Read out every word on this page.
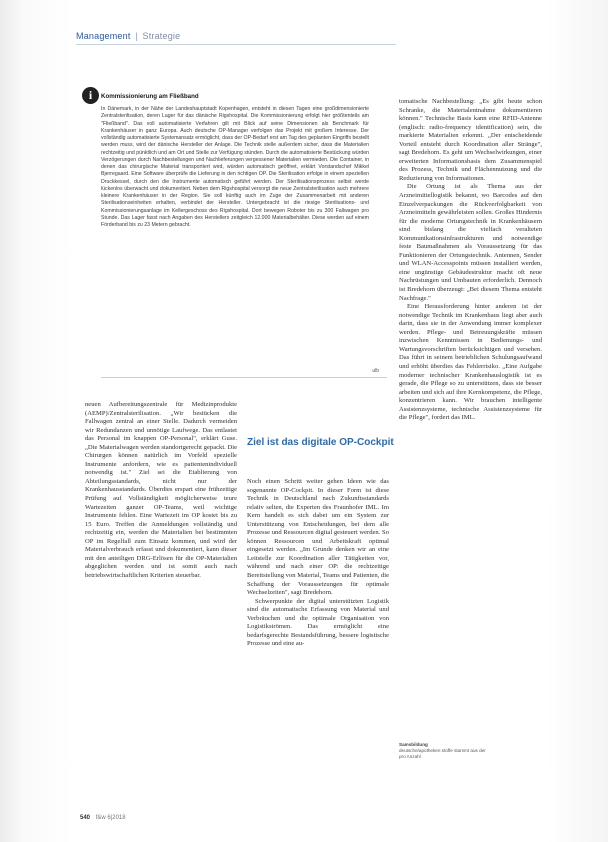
Management | Strategie
i	Kommissionierung am Fließband

In Dänemark, in der Nähe der Landeshauptstadt Kopenhagen, entsteht in diesen Tagen eine großdimensionierte Zentralsterilisation, deren Lager für das dänische Rigshospital. Die Kommissionierung erfolgt hier größtenteils am "Fließband". Das voll automatisierte Verfahren gilt mit Blick auf seine Dimensionen als Benchmark für Krankenhäuser in ganz Europa. Auch deutsche OP-Manager verfolgen das Projekt mit großem Interesse. Der vollständig automatisierte Systemansatz ermöglicht, dass der OP-Bedarf erst am Tag des geplanten Eingriffs bestellt werden muss, wird der dänische Hersteller der Anlage. Die Technik stelle außerdem sicher, dass die Materialien rechtzeitig und pünktlich und am Ort und Stelle zur Verfügung stünden. Durch die automatisierte Bestückung würden Verzögerungen durch Nachbestellungen und Nachlieferungen vergessener Materialien vermieden. Die Container, in denen das chirurgische Material transportiert wird, würden automatisch geöffnet, erklärt Vorstandschef Mikkel Bjerregaard. Eine Software überprüfe die Lieferung in den richtigen OP. Die Sterilisation erfolge in einem speziellen Druckkessel, durch den die Instrumente automatisch geführt werden. Der Sterilisationsprozess selbst werde lückenlos überwacht und dokumentiert. Neben dem Rigshospital versorgt die neue Zentralsterilisation auch mehrere kleinere Krankenhäuser in der Region. Sie soll künftig auch im Zuge der Zusammenarbeit mit anderen Sterilisationseinheiten erhalten, verbindet der Hersteller. Untergebracht ist die riesige Sterilisations- und Kommissionierungsanlage im Kellergeschoss des Rigshospital. Dort bewegen Roboter bis zu 300 Fallwagen pro Stunde. Das Lager fasst nach Angaben des Herstellers zeitgleich 12.000 Materialbehälter. Diese werden auf einem Förderband bis zu 23 Metern gebracht.

ulb

neuen Aufbereitungszentrale für Medizinprodukte (AEMP)/Zentralsterilisation. „Wir bestücken die Fallwagen zentral an einer Stelle. Dadurch vermeiden wir Redundanzen und unnötige Laufwege. Das entlastet das Personal im knappen OP-Personal", erklärt Guse. „Die Materialwagen werden standortgerecht gepackt. Die Chirurgen können natürlich im Vorfeld spezielle Instrumente anfordern, wie es patientenindividuell notwendig ist." Ziel sei die Etablierung von Abteilungsstandards, nicht nur der Krankenhausstandards. Überdies erspart eine frühzeitige Prüfung auf Vollständigkeit möglicherweise teure Wartezeiten ganzer OP-Teams, weil wichtige Instrumente fehlen. Eine Wartezeit im OP kostet bis zu 15 Euro. Treffen die Anmeldungen vollständig und rechtzeitig ein, werden die Materialien bei bestimmten OP im Regelfall zum Einsatz kommen, und wird der Materialverbrauch erfasst und dokumentiert, kann dieser mit den anteiligen DRG-Erlösen für die OP-Materialien abgeglichen werden und ist somit auch nach betriebswirtschaftlichen Kriterien steuerbar.

Ziel ist das digitale OP-Cockpit

Noch einen Schritt weiter gehen Ideen wie das sogenannte OP-Cockpit. In dieser Form ist diese Technik in Deutschland nach Zukunftsstandards relativ selten, die Experten des Fraunhofer IML. Im Kern handelt es sich dabei um ein System zur Unterstützung von Entscheidungen, bei dem alle Prozesse und Ressourcen digital gesteuert werden. So können Ressourcen und Arbeitskraft optimal eingesetzt werden. „Im Grunde denken wir an eine Leitstelle zur Koordination aller Tätigkeiten vor, während und nach einer OP: die rechtzeitige Bereitstellung von Material, Teams und Patienten, die Schaffung der Voraussetzungen für optimale Wechselzeiten", sagt Bredehorn.

Schwerpunkte der digital unterstützten Logistik sind die automatische Erfassung von Material und Verbräuchen und die optimale Organisation von Logistikströmen. Das ermöglicht eine bedarfsgerechte Bestandsführung, bessere logistische Prozesse und eine au-

tomatische Nachbestellung: „Es gibt heute schon Schranke, die Materialentnahme dokumentieren können." Technische Basis kann eine RFID-Antenne (englisch: radio-frequency identification) sein, die markierte Materialien erkennt. „Der entscheidende Vorteil entsteht durch Koordination aller Stränge", sagt Bredehorn. Es geht um Wechselwirkungen, einer erweiterten Informationsbasis dem Zusammenspiel des Prozess, Technik und Flächennutzung und die Reduzierung von Informationen.

Die Ortung ist als Thema aus der Arzneimittellogistik bekannt, wo Barcodes auf den Einzelverpackungen die Rückverfolgbarkeit von Arzneimitteln gewährleisten sollen. Großes Hindernis für die moderne Ortungstechnik in Krankenhäusern sind bislang die vielfach veralteten Kommunikationsinfrastrukturen und notwendige feste Baumaßnahmen als Voraussetzung für das Funktionieren der Ortungstechnik. Antennen, Sender und WLAN-Accesspoints müssen installiert werden, eine ungünstige Gebäudestruktur macht oft neue Nachrüstungen und Umbauten erforderlich. Dennoch ist Bredehorn überzeugt: „Bei diesem Thema entsteht Nachfrage."

Eine Herausforderung hinter anderen ist der notwendige Technik im Krankenhaus liegt aber auch darin, dass sie in der Anwendung immer komplexer werden. Pflege- und Betreuungskräfte müssen inzwischen Kenntnissen in Bedienungs- und Wartungsvorschriften berücksichtigen und versehen. Das führt in seinem betrieblichen Schulungsaufwand und erhöht überdies das Fehlerrisiko. „Eine Aufgabe moderner technischer Krankenhauslogistik ist es gerade, die Pflege so zu unterstützen, dass sie besser arbeiten und sich auf ihre Kernkompetenz, die Pflege, konzentrieren kann. Wir brauchen intelligente Assistenzsysteme, technische Assistenzsysteme für die Pflege", fordert das IML.

Samsbildung
deutsche/apotheken stoffe stammt aus der pro Anzahl
540 f&w 6|2018
